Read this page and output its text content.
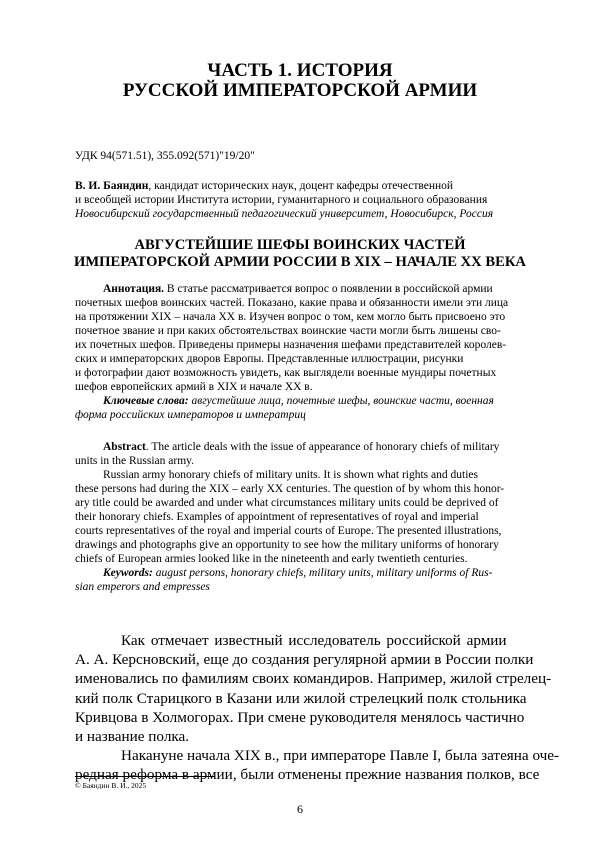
ЧАСТЬ 1. ИСТОРИЯ
РУССКОЙ ИМПЕРАТОРСКОЙ АРМИИ
УДК 94(571.51), 355.092(571)"19/20"
В. И. Баяндин, кандидат исторических наук, доцент кафедры отечественной
и всеобщей истории Института истории, гуманитарного и социального образования
Новосибирский государственный педагогический университет, Новосибирск, Россия
АВГУСТЕЙШИЕ ШЕФЫ ВОИНСКИХ ЧАСТЕЙ
ИМПЕРАТОРСКОЙ АРМИИ РОССИИ В XIX – НАЧАЛЕ XX ВЕКА
Аннотация. В статье рассматривается вопрос о появлении в российской армии
почетных шефов воинских частей. Показано, какие права и обязанности имели эти лица
на протяжении XIX – начала XX в. Изучен вопрос о том, кем могло быть присвоено это
почетное звание и при каких обстоятельствах воинские части могли быть лишены сво-
их почетных шефов. Приведены примеры назначения шефами представителей королев-
ских и императорских дворов Европы. Представленные иллюстрации, рисунки
и фотографии дают возможность увидеть, как выглядели военные мундиры почетных
шефов европейских армий в XIX и начале XX в.
Ключевые слова: августейшие лица, почетные шефы, воинские части, военная
форма российских императоров и императриц
Abstract. The article deals with the issue of appearance of honorary chiefs of military
units in the Russian army.
Russian army honorary chiefs of military units. It is shown what rights and duties
these persons had during the XIX – early XX centuries. The question of by whom this honor-
ary title could be awarded and under what circumstances military units could be deprived of
their honorary chiefs. Examples of appointment of representatives of royal and imperial
courts representatives of the royal and imperial courts of Europe. The presented illustrations,
drawings and photographs give an opportunity to see how the military uniforms of honorary
chiefs of European armies looked like in the nineteenth and early twentieth centuries.
Keywords: august persons, honorary chiefs, military units, military uniforms of Rus-
sian emperors and empresses
Как отмечает известный исследователь российской армии
А. А. Керсновский, еще до создания регулярной армии в России полки
именовались по фамилиям своих командиров. Например, жилой стрелец-
кий полк Старицкого в Казани или жилой стрелецкий полк стольника
Кривцова в Холмогорах. При смене руководителя менялось частично
и название полка.
Накануне начала XIX в., при императоре Павле I, была затеяна оче-
редная реформа в армии, были отменены прежние названия полков, все
© Баяндин В. И., 2025
6
